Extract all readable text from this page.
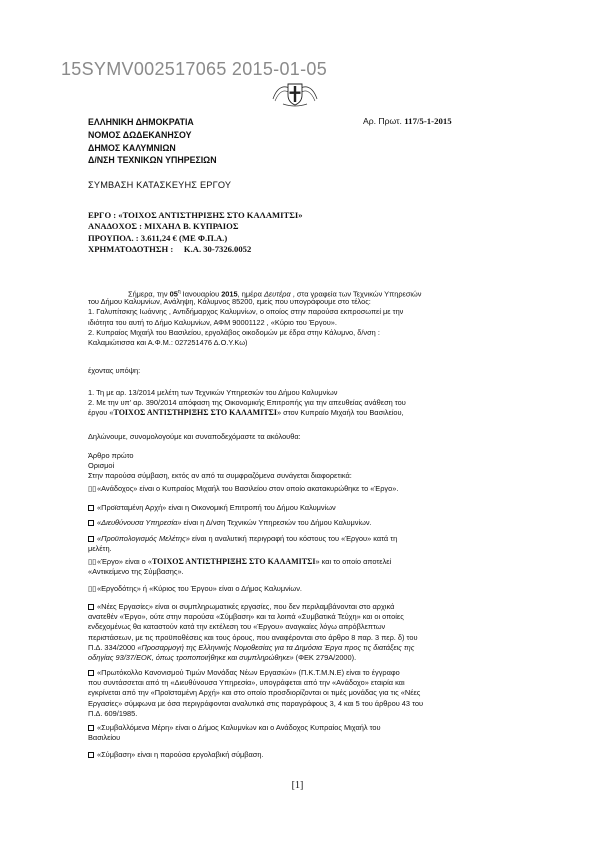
15SYMV002517065 2015-01-05
ΕΛΛΗΝΙΚΗ ΔΗΜΟΚΡΑΤΙΑ
ΝΟΜΟΣ ΔΩΔΕΚΑΝΗΣΟΥ
ΔΗΜΟΣ ΚΑΛΥΜΝΙΩΝ
Δ/ΝΣΗ ΤΕΧΝΙΚΩΝ ΥΠΗΡΕΣΙΩΝ
Αρ. Πρωτ. 117/5-1-2015
ΣΥΜΒΑΣΗ ΚΑΤΑΣΚΕΥΗΣ ΕΡΓΟΥ
ΕΡΓΟ : «ΤΟΙΧΟΣ ΑΝΤΙΣΤΗΡΙΞΗΣ ΣΤΟ ΚΑΛΑΜΙΤΣΙ»
ΑΝΑΔΟΧΟΣ : ΜΙΧΑΗΛ Β. ΚΥΠΡΑΙΟΣ
ΠΡΟΥΠΟΛ. : 3.611,24 € (ΜΕ Φ.Π.Α.)
ΧΡΗΜΑΤΟΔΟΤΗΣΗ :     Κ.Α. 30-7326.0052
Σήμερα, την $05^\eta$ Ιανουαρίου 2015, ημέρα Δευτέρα , στα γραφεία των Τεχνικών Υπηρεσιών
του Δήμου Καλυμνίων, Ανάληψη, Κάλυμνος 85200, εμείς που υπογράφουμε στο τέλος:
1. Γαλυπίτσκης Ιωάννης , Αντιδήμαρχος Καλυμνίων, ο οποίος στην παρούσα εκπροσωπεί με την
ιδιότητα του αυτή το Δήμο Καλυμνίων, ΑΦΜ 90001122 , «Κύριο του Έργου».
2. Κυπραίος Μιχαήλ του Βασιλείου, εργολάβος οικοδομών με έδρα στην Κάλυμνο, δ/νση :
Καλαμιώτισσα και Α.Φ.Μ.: 027251476 Δ.Ο.Υ.Κω)
έχοντας υπόψη:
1. Τη με αρ. 13/2014 μελέτη των Τεχνικών Υπηρεσιών του Δήμου Καλυμνίων
2. Με την υπ' αρ. 390/2014 απόφαση της Οικονομικής Επιτροπής για την απευθείας ανάθεση του
έργου «ΤΟΙΧΟΣ ΑΝΤΙΣΤΗΡΙΞΗΣ ΣΤΟ ΚΑΛΑΜΙΤΣΙ» στον Κυπραίο Μιχαήλ του Βασιλείου,
Δηλώνουμε, συνομολογούμε και συναποδεχόμαστε τα ακόλουθα:
Άρθρο πρώτο
Ορισμοί
Στην παρούσα σύμβαση, εκτός αν από τα συμφραζόμενα συνάγεται διαφορετικά:
▯▯«Ανάδοχος» είναι ο Κυπραίος Μιχαήλ του Βασιλείου στον οποίο ακατακυρώθηκε το «Έργο».
«Προϊσταμένη Αρχή» είναι η Οικονομική Επιτροπή του Δήμου Καλυμνίων
«Διευθύνουσα Υπηρεσία» είναι η Δ/νση Τεχνικών Υπηρεσιών του Δήμου Καλυμνίων.
«Προϋπολογισμός Μελέτης» είναι η αναλυτική περιγραφή του κόστους του «Έργου» κατά τη
μελέτη.
▯▯«Έργο» είναι ο «ΤΟΙΧΟΣ ΑΝΤΙΣΤΗΡΙΞΗΣ ΣΤΟ ΚΑΛΑΜΙΤΣΙ» και το οποίο αποτελεί
«Αντικείμενο της Σύμβασης».
▯▯«Εργοδότης» ή «Κύριος του Έργου» είναι ο Δήμος Καλυμνίων.
«Νέες Εργασίες» είναι οι συμπληρωματικές εργασίες, που δεν περιλαμβάνονται στο αρχικά
ανατεθέν «Έργο», ούτε στην παρούσα «Σύμβαση» και τα λοιπά «Συμβατικά Τεύχη» και οι οποίες
ενδεχομένως θα καταστούν κατά την εκτέλεση του «Έργου» αναγκαίες λόγω απρόβλεπτων
περιστάσεων, με τις προϋποθέσεις και τους όρους, που αναφέρονται στο άρθρο 8 παρ. 3 περ. δ) του
Π.Δ. 334/2000 «Προσαρμογή της Ελληνικής Νομοθεσίας για τα Δημόσια Έργα προς τις διατάξεις της
οδηγίας 93/37/ΕΟΚ, όπως τροποποιήθηκε και συμπληρώθηκε» (ΦΕΚ 279Α/2000).
«Πρωτόκολλο Κανονισμού Τιμών Μονάδας Νέων Εργασιών» (Π.Κ.Τ.Μ.Ν.Ε) είναι το έγγραφο
που συντάσσεται από τη «Διευθύνουσα Υπηρεσία», υπογράφεται από την «Ανάδοχο» εταιρία και
εγκρίνεται από την «Προϊσταμένη Αρχή» και στο οποίο προσδιορίζονται οι τιμές μονάδας για τις «Νέες
Εργασίες» σύμφωνα με όσα περιγράφονται αναλυτικά στις παραγράφους 3, 4 και 5 του άρθρου 43 του
Π.Δ. 609/1985.
«Συμβαλλόμενα Μέρη» είναι ο Δήμος Καλυμνίων και ο Ανάδοχος Κυπραίος Μιχαήλ του
Βασιλείου
«Σύμβαση» είναι η παρούσα εργολαβική σύμβαση.
[1]
